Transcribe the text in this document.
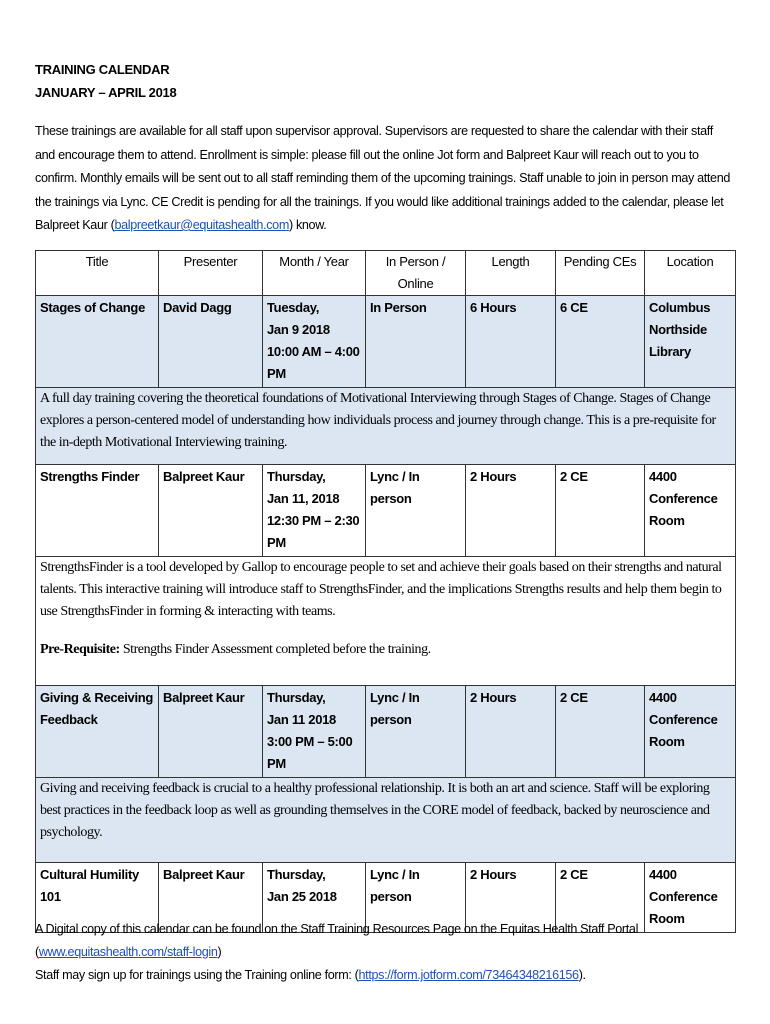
TRAINING CALENDAR
JANUARY – APRIL 2018
These trainings are available for all staff upon supervisor approval. Supervisors are requested to share the calendar with their staff and encourage them to attend. Enrollment is simple: please fill out the online Jot form and Balpreet Kaur will reach out to you to confirm. Monthly emails will be sent out to all staff reminding them of the upcoming trainings. Staff unable to join in person may attend the trainings via Lync. CE Credit is pending for all the trainings. If you would like additional trainings added to the calendar, please let Balpreet Kaur (balpreetkaur@equitashealth.com) know.
Title	Presenter	Month / Year	In Person / Online	Length	Pending CEs	Location
Stages of Change	David Dagg	Tuesday,
Jan 9 2018
10:00 AM – 4:00 PM	In Person	6 Hours	6 CE	Columbus Northside Library

A full day training covering the theoretical foundations of Motivational Interviewing through Stages of Change. Stages of Change explores a person-centered model of understanding how individuals process and journey through change. This is a pre-requisite for the in-depth Motivational Interviewing training.						

Strengths Finder	Balpreet Kaur	Thursday,
Jan 11, 2018
12:30 PM – 2:30 PM	Lync / In person	2 Hours	2 CE	4400 Conference Room

StrengthsFinder is a tool developed by Gallop to encourage people to set and achieve their goals based on their strengths and natural talents. This interactive training will introduce staff to StrengthsFinder, and the implications Strengths results and help them begin to use StrengthsFinder in forming & interacting with teams.

Pre-Requisite: Strengths Finder Assessment completed before the training.						

Giving & Receiving Feedback	Balpreet Kaur	Thursday,
Jan 11 2018
3:00 PM – 5:00 PM	Lync / In person	2 Hours	2 CE	4400 Conference Room

Giving and receiving feedback is crucial to a healthy professional relationship. It is both an art and science. Staff will be exploring best practices in the feedback loop as well as grounding themselves in the CORE model of feedback, backed by neuroscience and psychology.						

Cultural Humility 101	Balpreet Kaur	Thursday,
Jan 25 2018	Lync / In person	2 Hours	2 CE	4400 Conference Room
A Digital copy of this calendar can be found on the Staff Training Resources Page on the Equitas Health Staff Portal (www.equitashealth.com/staff-login)
Staff may sign up for trainings using the Training online form: (https://form.jotform.com/73464348216156).
